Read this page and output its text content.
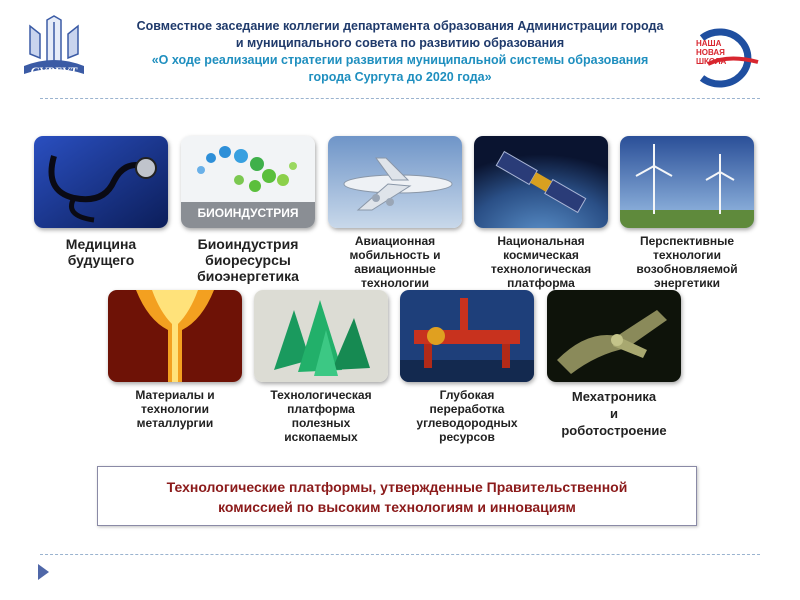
СУРГУТ
Совместное заседание коллегии департамента образования Администрации города
и муниципального совета по развитию образования
«О ходе реализации стратегии развития муниципальной системы образования
города Сургута до 2020 года»
НАША
НОВАЯ
ШКОЛА
БИОИНДУСТРИЯ
Медицина
будущего
Биоиндустрия
биоресурсы
биоэнергетика
Авиационная
мобильность и
авиационные
технологии
Национальная
космическая
технологическая
платформа
Перспективные
технологии
возобновляемой
энергетики
Материалы и
технологии
металлургии
Технологическая
платформа
полезных
ископаемых
Глубокая
переработка
углеводородных
ресурсов
Мехатроника
и
роботостроение
Технологические платформы, утвержденные Правительственной
комиссией по высоким технологиям и инновациям
